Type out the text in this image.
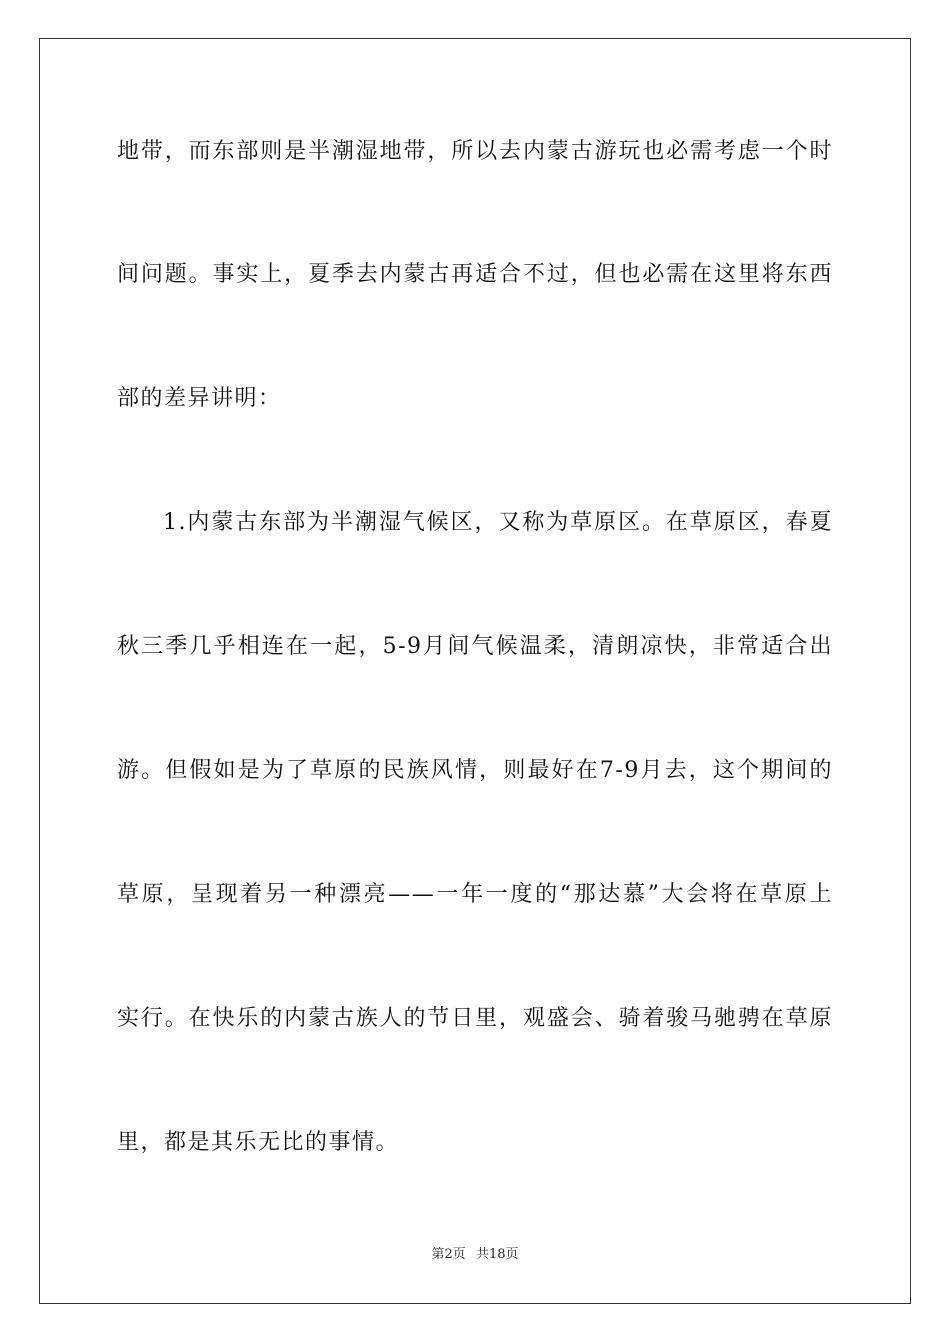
地带，而东部则是半潮湿地带，所以去内蒙古游玩也必需考虑一个时
间问题。事实上，夏季去内蒙古再适合不过，但也必需在这里将东西
部的差异讲明：
1.内蒙古东部为半潮湿气候区，又称为草原区。在草原区，春夏
秋三季几乎相连在一起，5-9月间气候温柔，清朗凉快，非常适合出
游。但假如是为了草原的民族风情，则最好在7-9月去，这个期间的
草原，呈现着另一种漂亮——一年一度的“那达慕”大会将在草原上
实行。在快乐的内蒙古族人的节日里，观盛会、骑着骏马驰骋在草原
里，都是其乐无比的事情。
第2页 共18页
